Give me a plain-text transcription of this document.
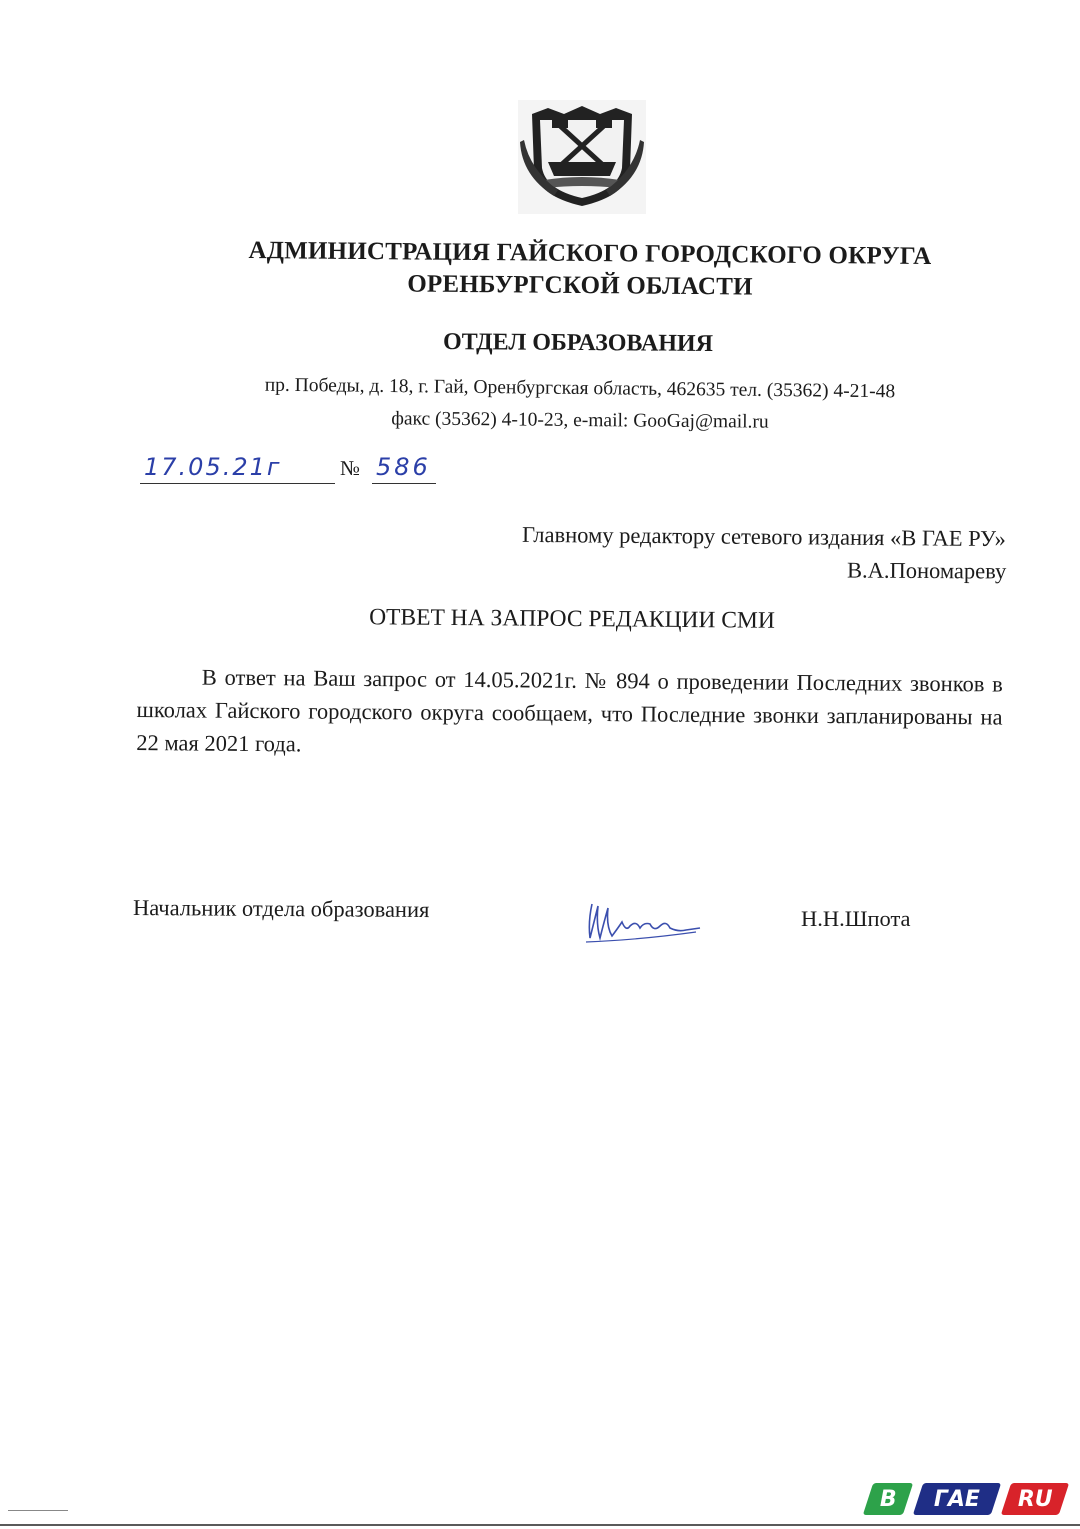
АДМИНИСТРАЦИЯ ГАЙСКОГО ГОРОДСКОГО ОКРУГА
ОРЕНБУРГСКОЙ ОБЛАСТИ
ОТДЕЛ ОБРАЗОВАНИЯ
пр. Победы, д. 18, г. Гай, Оренбургская область, 462635 тел. (35362) 4-21-48
факс (35362) 4-10-23, e-mail: GooGaj@mail.ru
17.05.21г	№ 586
Главному редактору сетевого издания «В ГАЕ РУ»
В.А.Пономареву
ОТВЕТ НА ЗАПРОС РЕДАКЦИИ СМИ

В ответ на Ваш запрос от 14.05.2021г. № 894 о проведении Последних звонков в школах Гайского городского округа сообщаем, что Последние звонки запланированы на 22 мая 2021 года.

Начальник отдела образования	Н.Н.Шпота
В ГАЕ RU
